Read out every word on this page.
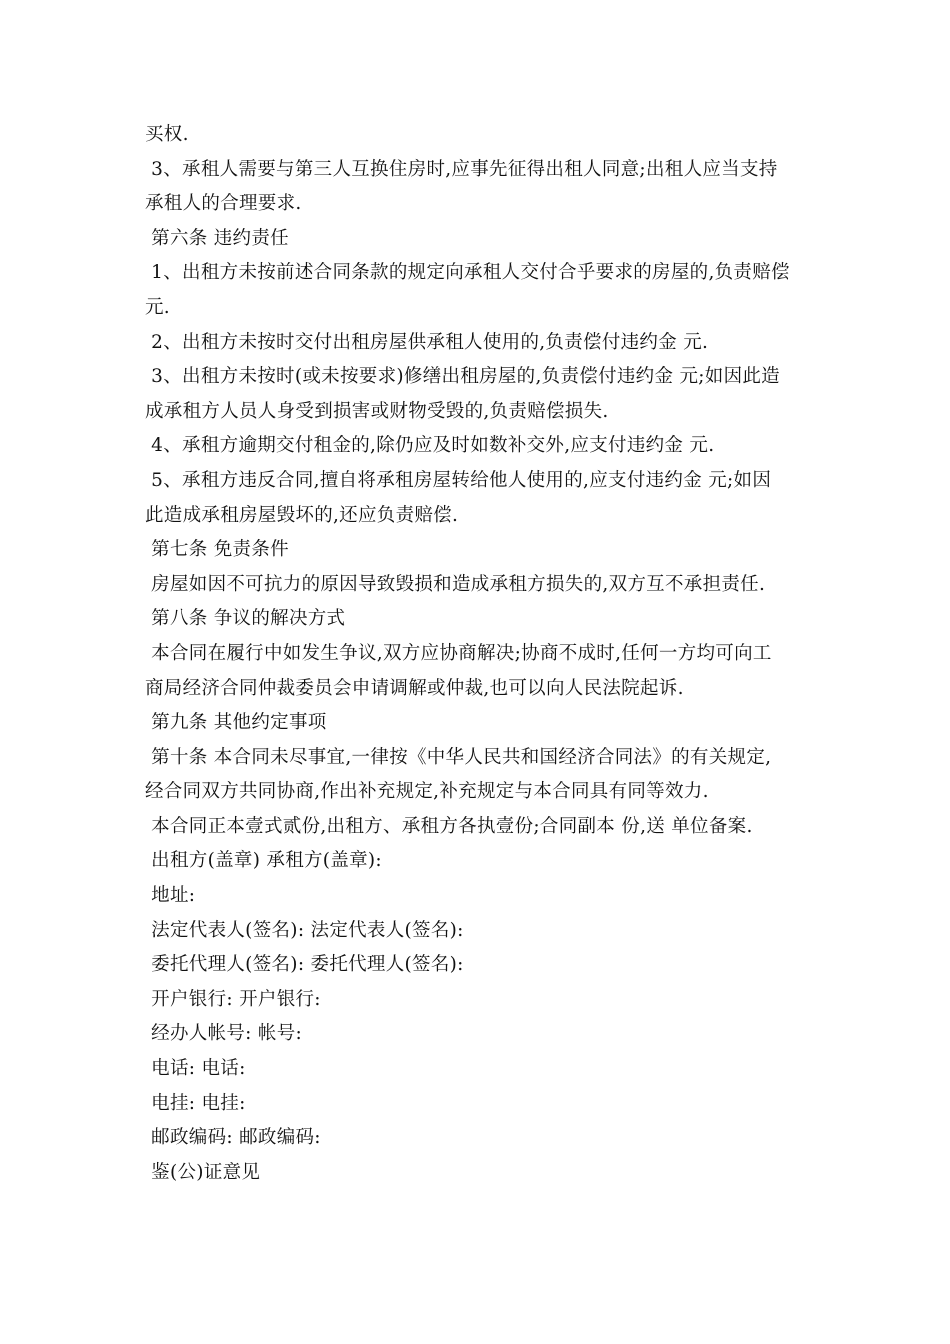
买权.
3、承租人需要与第三人互换住房时,应事先征得出租人同意;出租人应当支持
承租人的合理要求.
第六条 违约责任
1、出租方未按前述合同条款的规定向承租人交付合乎要求的房屋的,负责赔偿
元.
2、出租方未按时交付出租房屋供承租人使用的,负责偿付违约金 元.
3、出租方未按时(或未按要求)修缮出租房屋的,负责偿付违约金 元;如因此造
成承租方人员人身受到损害或财物受毁的,负责赔偿损失.
4、承租方逾期交付租金的,除仍应及时如数补交外,应支付违约金 元.
5、承租方违反合同,擅自将承租房屋转给他人使用的,应支付违约金 元;如因
此造成承租房屋毁坏的,还应负责赔偿.
第七条 免责条件
房屋如因不可抗力的原因导致毁损和造成承租方损失的,双方互不承担责任.
第八条 争议的解决方式
本合同在履行中如发生争议,双方应协商解决;协商不成时,任何一方均可向工
商局经济合同仲裁委员会申请调解或仲裁,也可以向人民法院起诉.
第九条 其他约定事项
第十条 本合同未尽事宜,一律按《中华人民共和国经济合同法》的有关规定,
经合同双方共同协商,作出补充规定,补充规定与本合同具有同等效力.
本合同正本壹式贰份,出租方、承租方各执壹份;合同副本 份,送 单位备案.
出租方(盖章) 承租方(盖章):
地址:
法定代表人(签名): 法定代表人(签名):
委托代理人(签名): 委托代理人(签名):
开户银行: 开户银行:
经办人帐号: 帐号:
电话: 电话:
电挂: 电挂:
邮政编码: 邮政编码:
鉴(公)证意见
